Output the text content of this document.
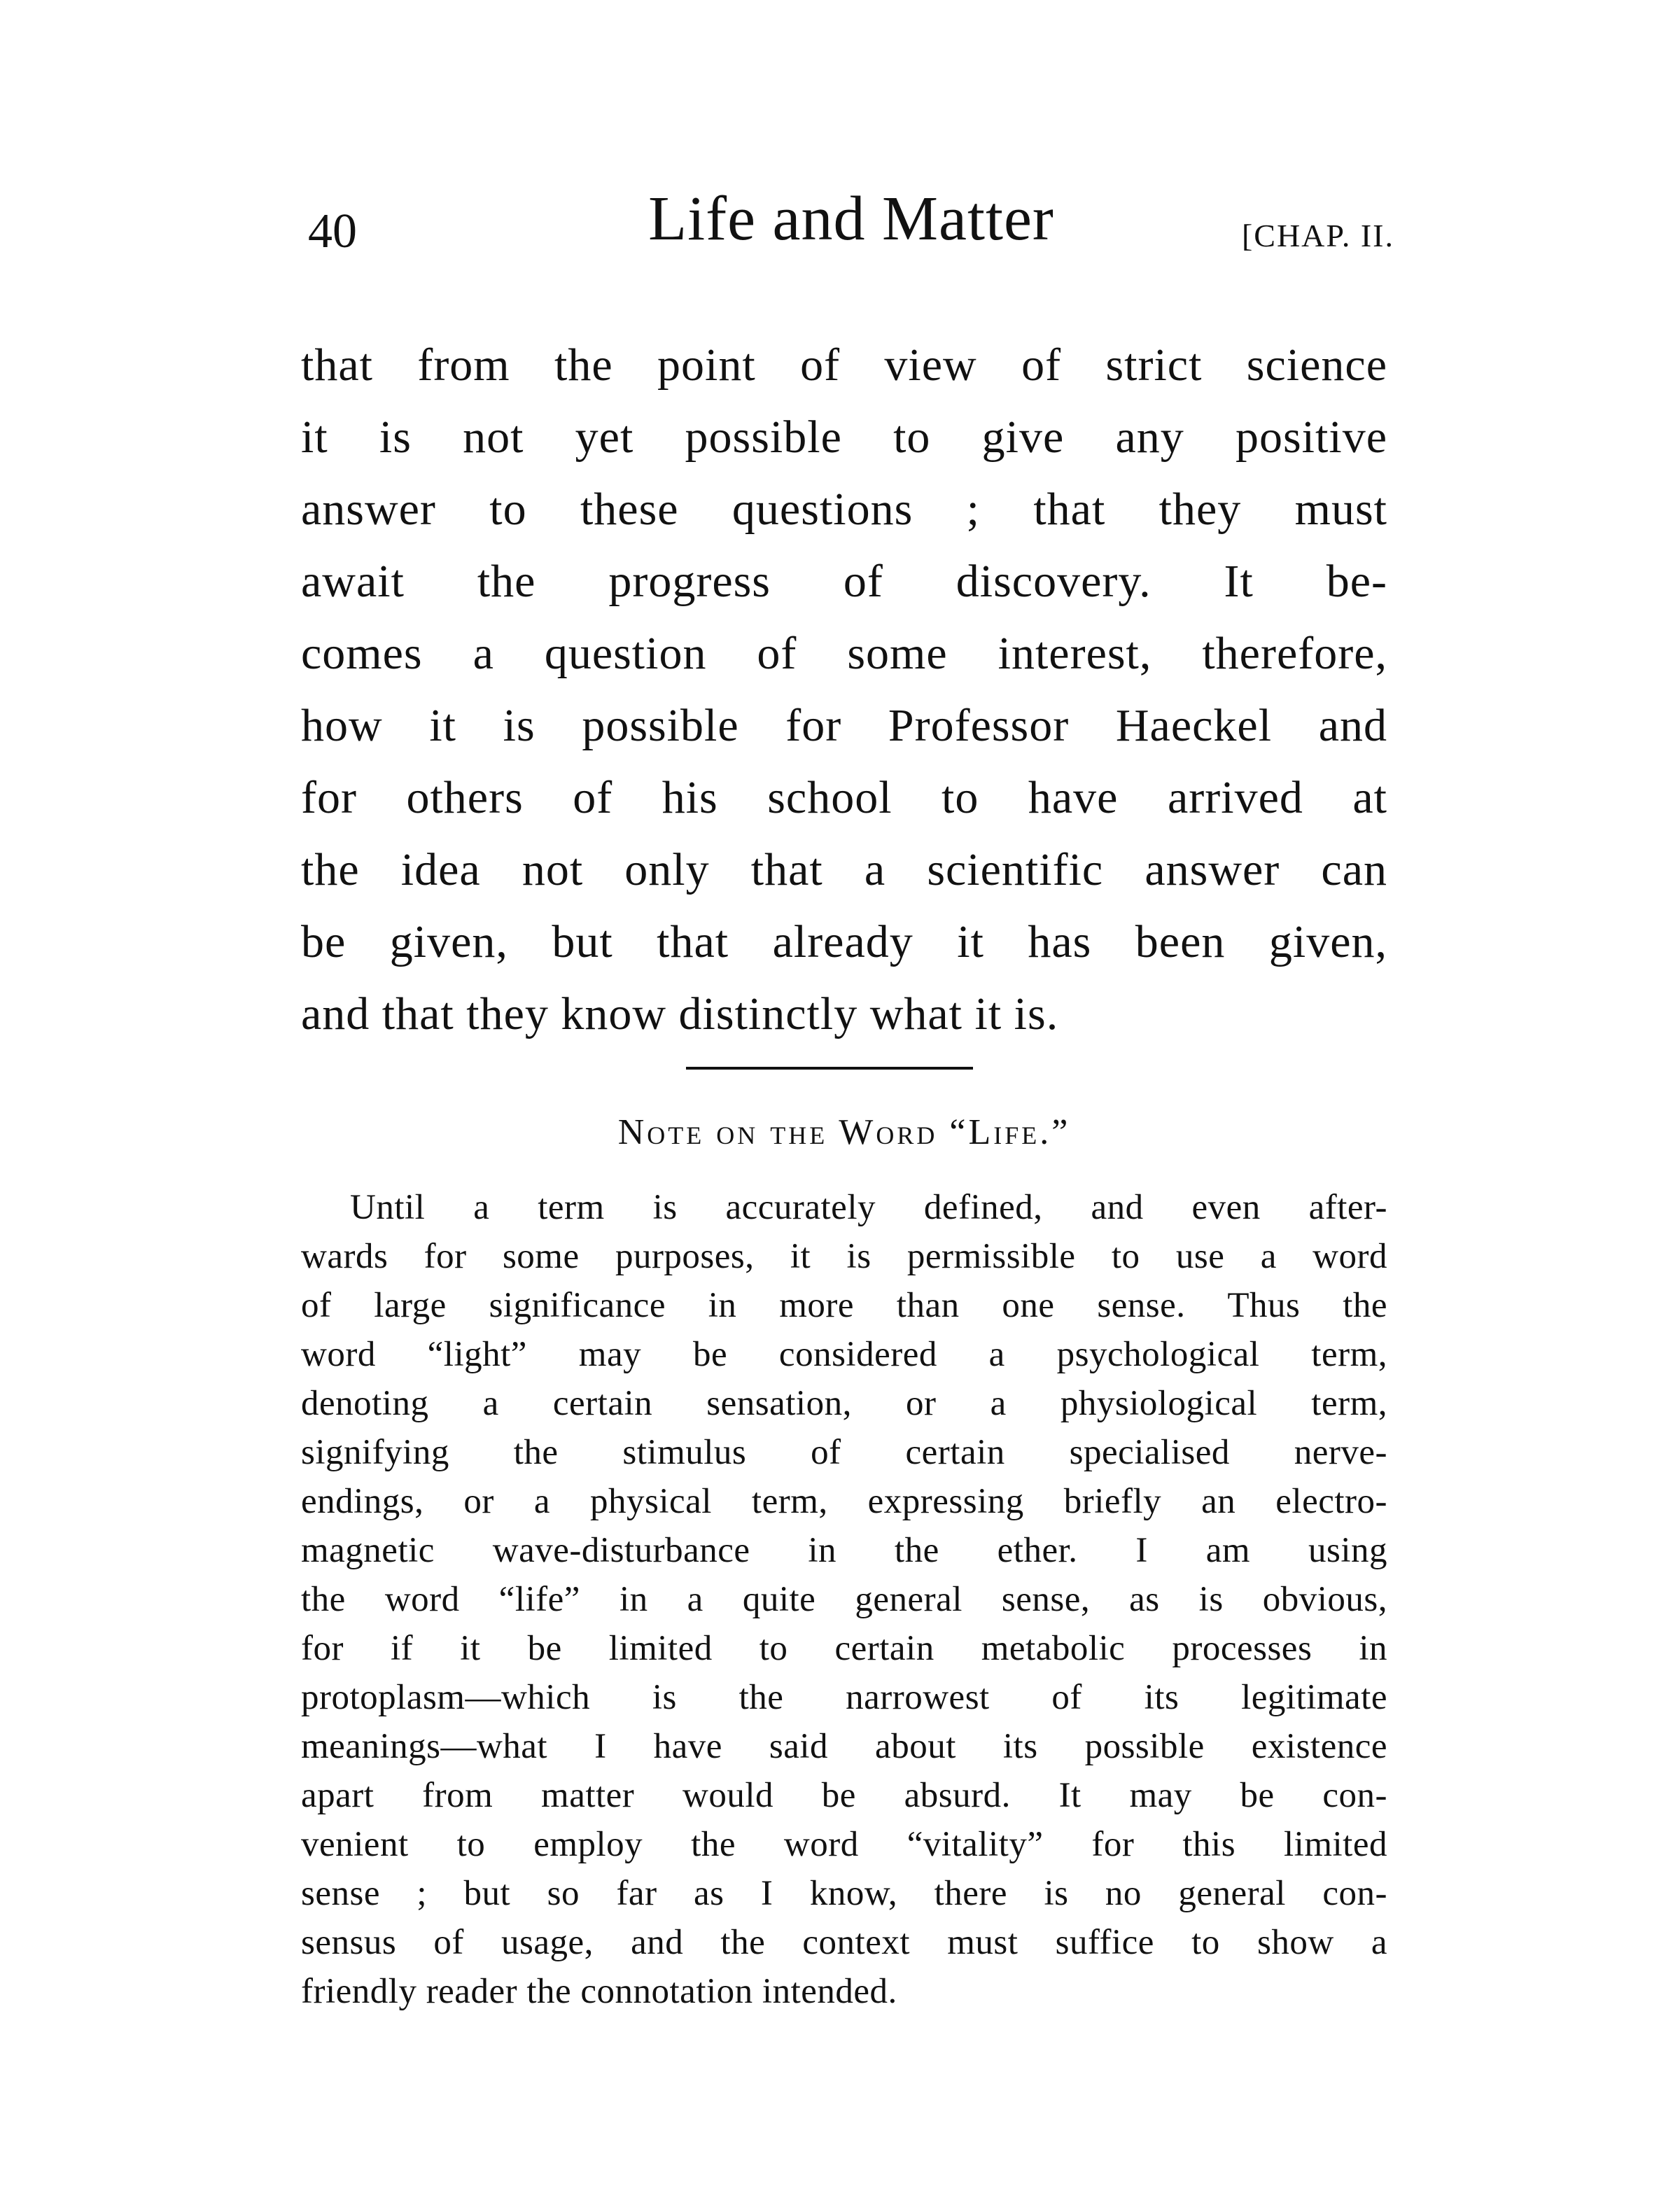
40	Life and Matter	[CHAP. II.
that from the point of view of strict science
it is not yet possible to give any positive
answer to these questions ; that they must
await the progress of discovery. It be-
comes a question of some interest, therefore,
how it is possible for Professor Haeckel and
for others of his school to have arrived at
the idea not only that a scientific answer can
be given, but that already it has been given,
and that they know distinctly what it is.
Note on the Word “Life.”
Until a term is accurately defined, and even after-
wards for some purposes, it is permissible to use a word
of large significance in more than one sense. Thus the
word “light” may be considered a psychological term,
denoting a certain sensation, or a physiological term,
signifying the stimulus of certain specialised nerve-
endings, or a physical term, expressing briefly an electro-
magnetic wave-disturbance in the ether. I am using
the word “life” in a quite general sense, as is obvious,
for if it be limited to certain metabolic processes in
protoplasm—which is the narrowest of its legitimate
meanings—what I have said about its possible existence
apart from matter would be absurd. It may be con-
venient to employ the word “vitality” for this limited
sense ; but so far as I know, there is no general con-
sensus of usage, and the context must suffice to show a
friendly reader the connotation intended.
